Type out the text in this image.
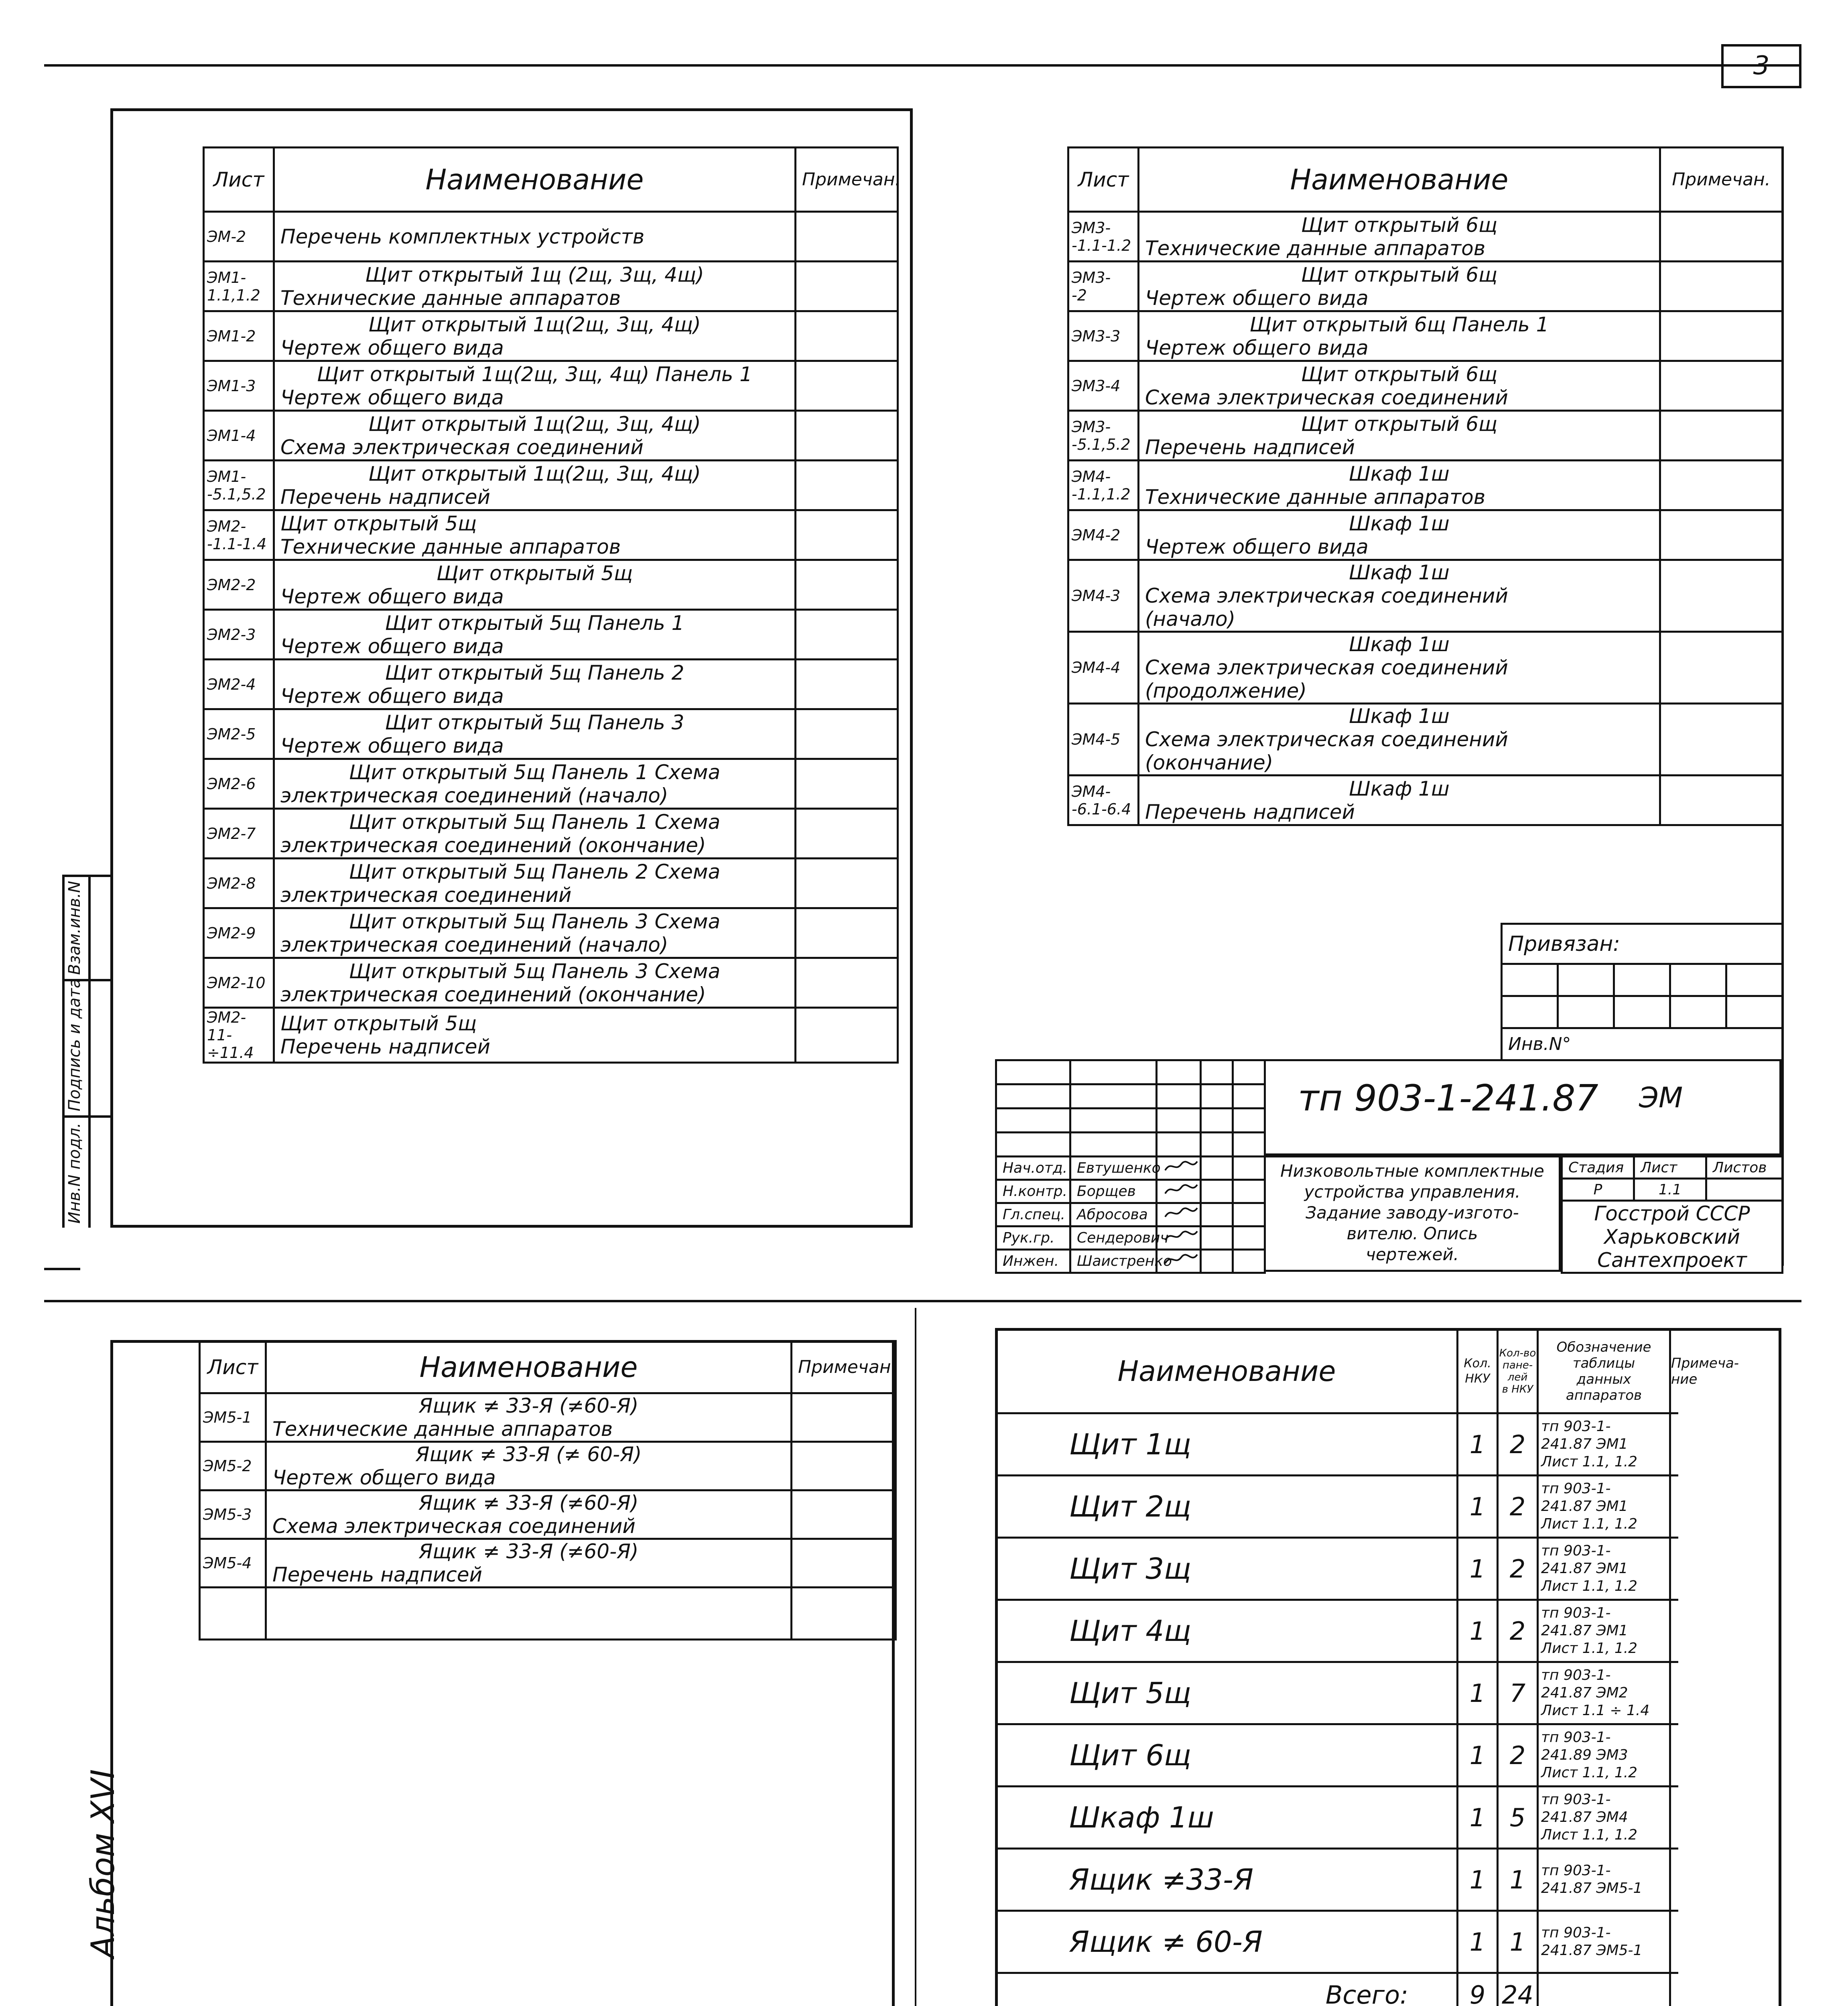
3
Альбом XVI
Инв.N подл.
Подпись и дата
Взам.инв.N
Лист	Наименование	Примечан.
ЭМ-2	Перечень комплектных устройств	
ЭМ1-
1.1,1.2	Щит открытый 1щ (2щ, 3щ, 4щ)
Технические данные аппаратов	
ЭМ1-2	Щит открытый 1щ(2щ, 3щ, 4щ)
Чертеж общего вида	
ЭМ1-3	Щит открытый 1щ(2щ, 3щ, 4щ) Панель 1
Чертеж общего вида	
ЭМ1-4	Щит открытый 1щ(2щ, 3щ, 4щ)
Схема электрическая соединений	
ЭМ1-
-5.1,5.2	Щит открытый 1щ(2щ, 3щ, 4щ)
Перечень надписей	
ЭМ2-
-1.1-1.4	Щит открытый 5щ
Технические данные аппаратов	
ЭМ2-2	Щит открытый 5щ
Чертеж общего вида	
ЭМ2-3	Щит открытый 5щ Панель 1
Чертеж общего вида	
ЭМ2-4	Щит открытый 5щ Панель 2
Чертеж общего вида	
ЭМ2-5	Щит открытый 5щ Панель 3
Чертеж общего вида	
ЭМ2-6	Щит открытый 5щ Панель 1 Схема
электрическая соединений (начало)	
ЭМ2-7	Щит открытый 5щ Панель 1 Схема
электрическая соединений (окончание)	
ЭМ2-8	Щит открытый 5щ Панель 2 Схема
электрическая соединений	
ЭМ2-9	Щит открытый 5щ Панель 3 Схема
электрическая соединений (начало)	
ЭМ2-10	Щит открытый 5щ Панель 3 Схема
электрическая соединений (окончание)	
ЭМ2-11-
÷11.4	Щит открытый 5щ
Перечень надписей	
Лист	Наименование	Примечан.
ЭМ3-
-1.1-1.2	Щит открытый 6щ
Технические данные аппаратов	
ЭМ3-
-2	Щит открытый 6щ
Чертеж общего вида	
ЭМ3-3	Щит открытый 6щ Панель 1
Чертеж общего вида	
ЭМ3-4	Щит открытый 6щ
Схема электрическая соединений	
ЭМ3-
-5.1,5.2	Щит открытый 6щ
Перечень надписей	
ЭМ4-
-1.1,1.2	Шкаф 1ш
Технические данные аппаратов	
ЭМ4-2	Шкаф 1ш
Чертеж общего вида	
ЭМ4-3	Шкаф 1ш
Схема электрическая соединений
(начало)	
ЭМ4-4	Шкаф 1ш
Схема электрическая соединений
(продолжение)	
ЭМ4-5	Шкаф 1ш
Схема электрическая соединений
(окончание)	
ЭМ4-
-6.1-6.4	Шкаф 1ш
Перечень надписей	
Привязан:				

Инв.N°				

Нач.отд.	Евтушенко			
Н.контр.	Борщев			
Гл.спец.	Абросова			
Рук.гр.	Сендерович			
Инжен.	Шаистренко			
тп 903-1-241.87 ЭМ
Низковольтные комплектные
устройства управления.
Задание заводу-изгото-
вителю. Опись
чертежей.
Стадия	Лист	Листов
Р	1.1	
Госстрой СССР
Харьковский
Сантехпроект		
Лист	Наименование	Примечан.
ЭМ5-1	Ящик ≠ 33-Я (≠60-Я)
Технические данные аппаратов	
ЭМ5-2	Ящик ≠ 33-Я (≠ 60-Я)
Чертеж общего вида	
ЭМ5-3	Ящик ≠ 33-Я (≠60-Я)
Схема электрическая соединений	
ЭМ5-4	Ящик ≠ 33-Я (≠60-Я)
Перечень надписей	

Наименование	Кол.
НКУ	Кол-во
пане-
лей
в НКУ	Обозначение
таблицы
данных
аппаратов	Примеча-
ние
Щит 1щ	1	2	тп 903-1-
241.87 ЭМ1
Лист 1.1, 1.2	
Щит 2щ	1	2	тп 903-1-
241.87 ЭМ1
Лист 1.1, 1.2	
Щит 3щ	1	2	тп 903-1-
241.87 ЭМ1
Лист 1.1, 1.2	
Щит 4щ	1	2	тп 903-1-
241.87 ЭМ1
Лист 1.1, 1.2	
Щит 5щ	1	7	тп 903-1-
241.87 ЭМ2
Лист 1.1 ÷ 1.4	
Щит 6щ	1	2	тп 903-1-
241.89 ЭМ3
Лист 1.1, 1.2	
Шкаф 1ш	1	5	тп 903-1-
241.87 ЭМ4
Лист 1.1, 1.2	
Ящик ≠33-Я	1	1	тп 903-1-
241.87 ЭМ5-1	
Ящик ≠ 60-Я	1	1	тп 903-1-
241.87 ЭМ5-1	
Всего:	9	24		
